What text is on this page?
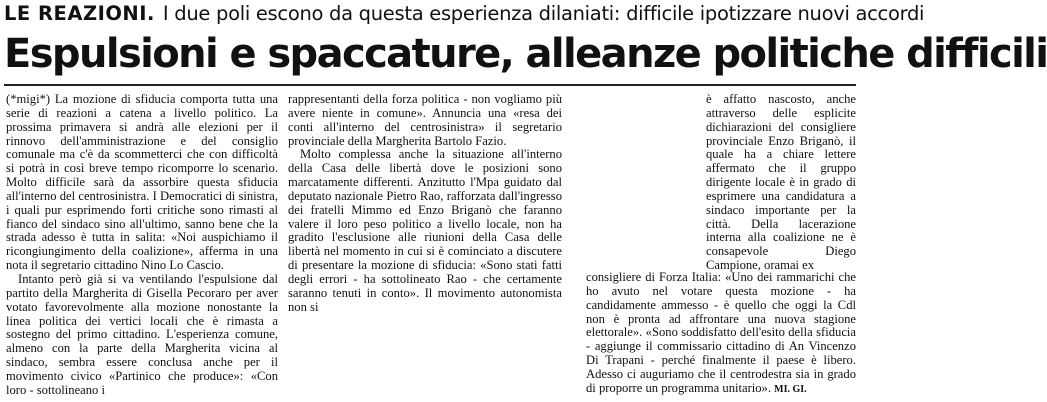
LE REAZIONI. I due poli escono da questa esperienza dilaniati: difficile ipotizzare nuovi accordi
Espulsioni e spaccature, alleanze politiche difficili

(*migi*) La mozione di sfiducia comporta tutta una serie di reazioni a catena a livello politico. La prossima primavera si andrà alle elezioni per il rinnovo dell'amministrazione e del consiglio comunale ma c'è da scommetterci che con difficoltà si potrà in così breve tempo ricomporre lo scenario. Molto difficile sarà da assorbire questa sfiducia all'interno del centrosinistra. I Democratici di sinistra, i quali pur esprimendo forti critiche sono rimasti al fianco del sindaco sino all'ultimo, sanno bene che la strada adesso è tutta in salita: «Noi auspichiamo il ricongiungimento della coalizione», afferma in una nota il segretario cittadino Nino Lo Cascio.

Intanto però già si va ventilando l'espulsione dal partito della Margherita di Gisella Pecoraro per aver votato favorevolmente alla mozione nonostante la linea politica dei vertici locali che è rimasta a sostegno del primo cittadino. L'esperienza comune, almeno con la parte della Margherita vicina al sindaco, sembra essere conclusa anche per il movimento civico «Partinico che produce»: «Con loro - sottolineano i

rappresentanti della forza politica - non vogliamo più avere niente in comune». Annuncia una «resa dei conti all'interno del centrosinistra» il segretario provinciale della Margherita Bartolo Fazio.

Molto complessa anche la situazione all'interno della Casa delle libertà dove le posizioni sono marcatamente differenti. Anzitutto l'Mpa guidato dal deputato nazionale Pietro Rao, rafforzata dall'ingresso dei fratelli Mimmo ed Enzo Briganò che faranno valere il loro peso politico a livello locale, non ha gradito l'esclusione alle riunioni della Casa delle libertà nel momento in cui si è cominciato a discutere di presentare la mozione di sfiducia: «Sono stati fatti degli errori - ha sottolineato Rao - che certamente saranno tenuti in conto». Il movimento autonomista non si

è affatto nascosto, anche attraverso delle esplicite dichiarazioni del consigliere provinciale Enzo Briganò, il quale ha a chiare lettere affermato che il gruppo dirigente locale è in grado di esprimere una candidatura a sindaco importante per la città. Della lacerazione interna alla coalizione ne è consapevole Diego Campione, oramai ex

consigliere di Forza Italia: «Uno dei rammarichi che ho avuto nel votare questa mozione - ha candidamente ammesso - è quello che oggi la Cdl non è pronta ad affrontare una nuova stagione elettorale». «Sono soddisfatto dell'esito della sfiducia - aggiunge il commissario cittadino di An Vincenzo Di Trapani - perché finalmente il paese è libero. Adesso ci auguriamo che il centrodestra sia in grado di proporre un programma unitario». MI. GI.
